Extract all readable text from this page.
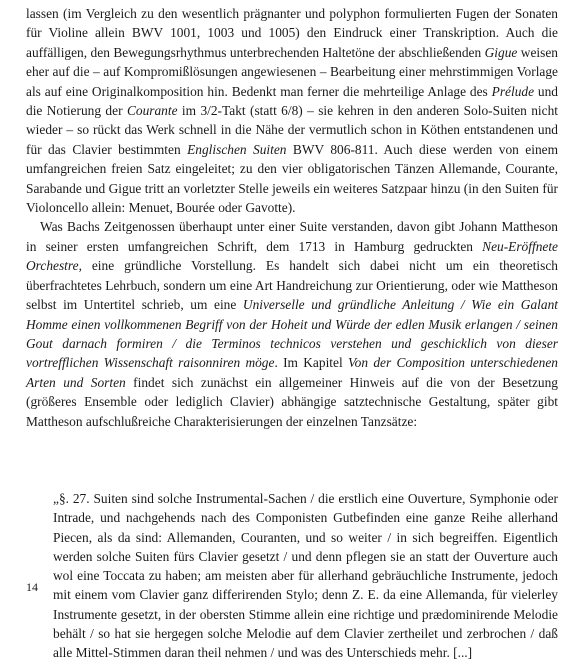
lassen (im Vergleich zu den wesentlich prägnanter und polyphon formulierten Fugen der Sonaten für Violine allein BWV 1001, 1003 und 1005) den Eindruck einer Transkription. Auch die auffälligen, den Bewegungsrhythmus unterbrechenden Haltetöne der abschließenden Gigue weisen eher auf die – auf Kompromißlösungen angewiesenen – Bearbeitung einer mehrstimmigen Vorlage als auf eine Originalkomposition hin. Bedenkt man ferner die mehrteilige Anlage des Prélude und die Notierung der Courante im 3/2-Takt (statt 6/8) – sie kehren in den anderen Solo-Suiten nicht wieder – so rückt das Werk schnell in die Nähe der vermutlich schon in Köthen entstandenen und für das Clavier bestimmten Englischen Suiten BWV 806-811. Auch diese werden von einem umfangreichen freien Satz eingeleitet; zu den vier obligatorischen Tänzen Allemande, Courante, Sarabande und Gigue tritt an vorletzter Stelle jeweils ein weiteres Satzpaar hinzu (in den Suiten für Violoncello allein: Menuet, Bourée oder Gavotte).

Was Bachs Zeitgenossen überhaupt unter einer Suite verstanden, davon gibt Johann Mattheson in seiner ersten umfangreichen Schrift, dem 1713 in Hamburg gedruckten Neu-Eröffnete Orchestre, eine gründliche Vorstellung. Es handelt sich dabei nicht um ein theoretisch überfrachtetes Lehrbuch, sondern um eine Art Handreichung zur Orientierung, oder wie Mattheson selbst im Untertitel schrieb, um eine Universelle und gründliche Anleitung / Wie ein Galant Homme einen vollkommenen Begriff von der Hoheit und Würde der edlen Musik erlangen / seinen Gout darnach formiren / die Terminos technicos verstehen und geschicklich von dieser vortrefflichen Wissenschaft raisonniren möge. Im Kapitel Von der Composition unterschiedenen Arten und Sorten findet sich zunächst ein allgemeiner Hinweis auf die von der Besetzung (größeres Ensemble oder lediglich Clavier) abhängige satztechnische Gestaltung, später gibt Mattheson aufschlußreiche Charakterisierungen der einzelnen Tanzsätze:

„§. 27. Suiten sind solche Instrumental-Sachen / die erstlich eine Ouverture, Symphonie oder Intrade, und nachgehends nach des Componisten Gutbefinden eine ganze Reihe allerhand Piecen, als da sind: Allemanden, Couranten, und so weiter / in sich begreiffen. Eigentlich werden solche Suiten fürs Clavier gesetzt / und denn pflegen sie an statt der Ouverture auch wol eine Toccata zu haben; am meisten aber für allerhand gebräuchliche Instrumente, jedoch mit einem vom Clavier ganz differirenden Stylo; denn Z. E. da eine Allemanda, für vielerley Instrumente gesetzt, in der obersten Stimme allein eine richtige und prædominirende Melodie behält / so hat sie hergegen solche Melodie auf dem Clavier zertheilet und zerbrochen / daß alle Mittel-Stimmen daran theil nehmen / und was des Unterschieds mehr. [...]

14
